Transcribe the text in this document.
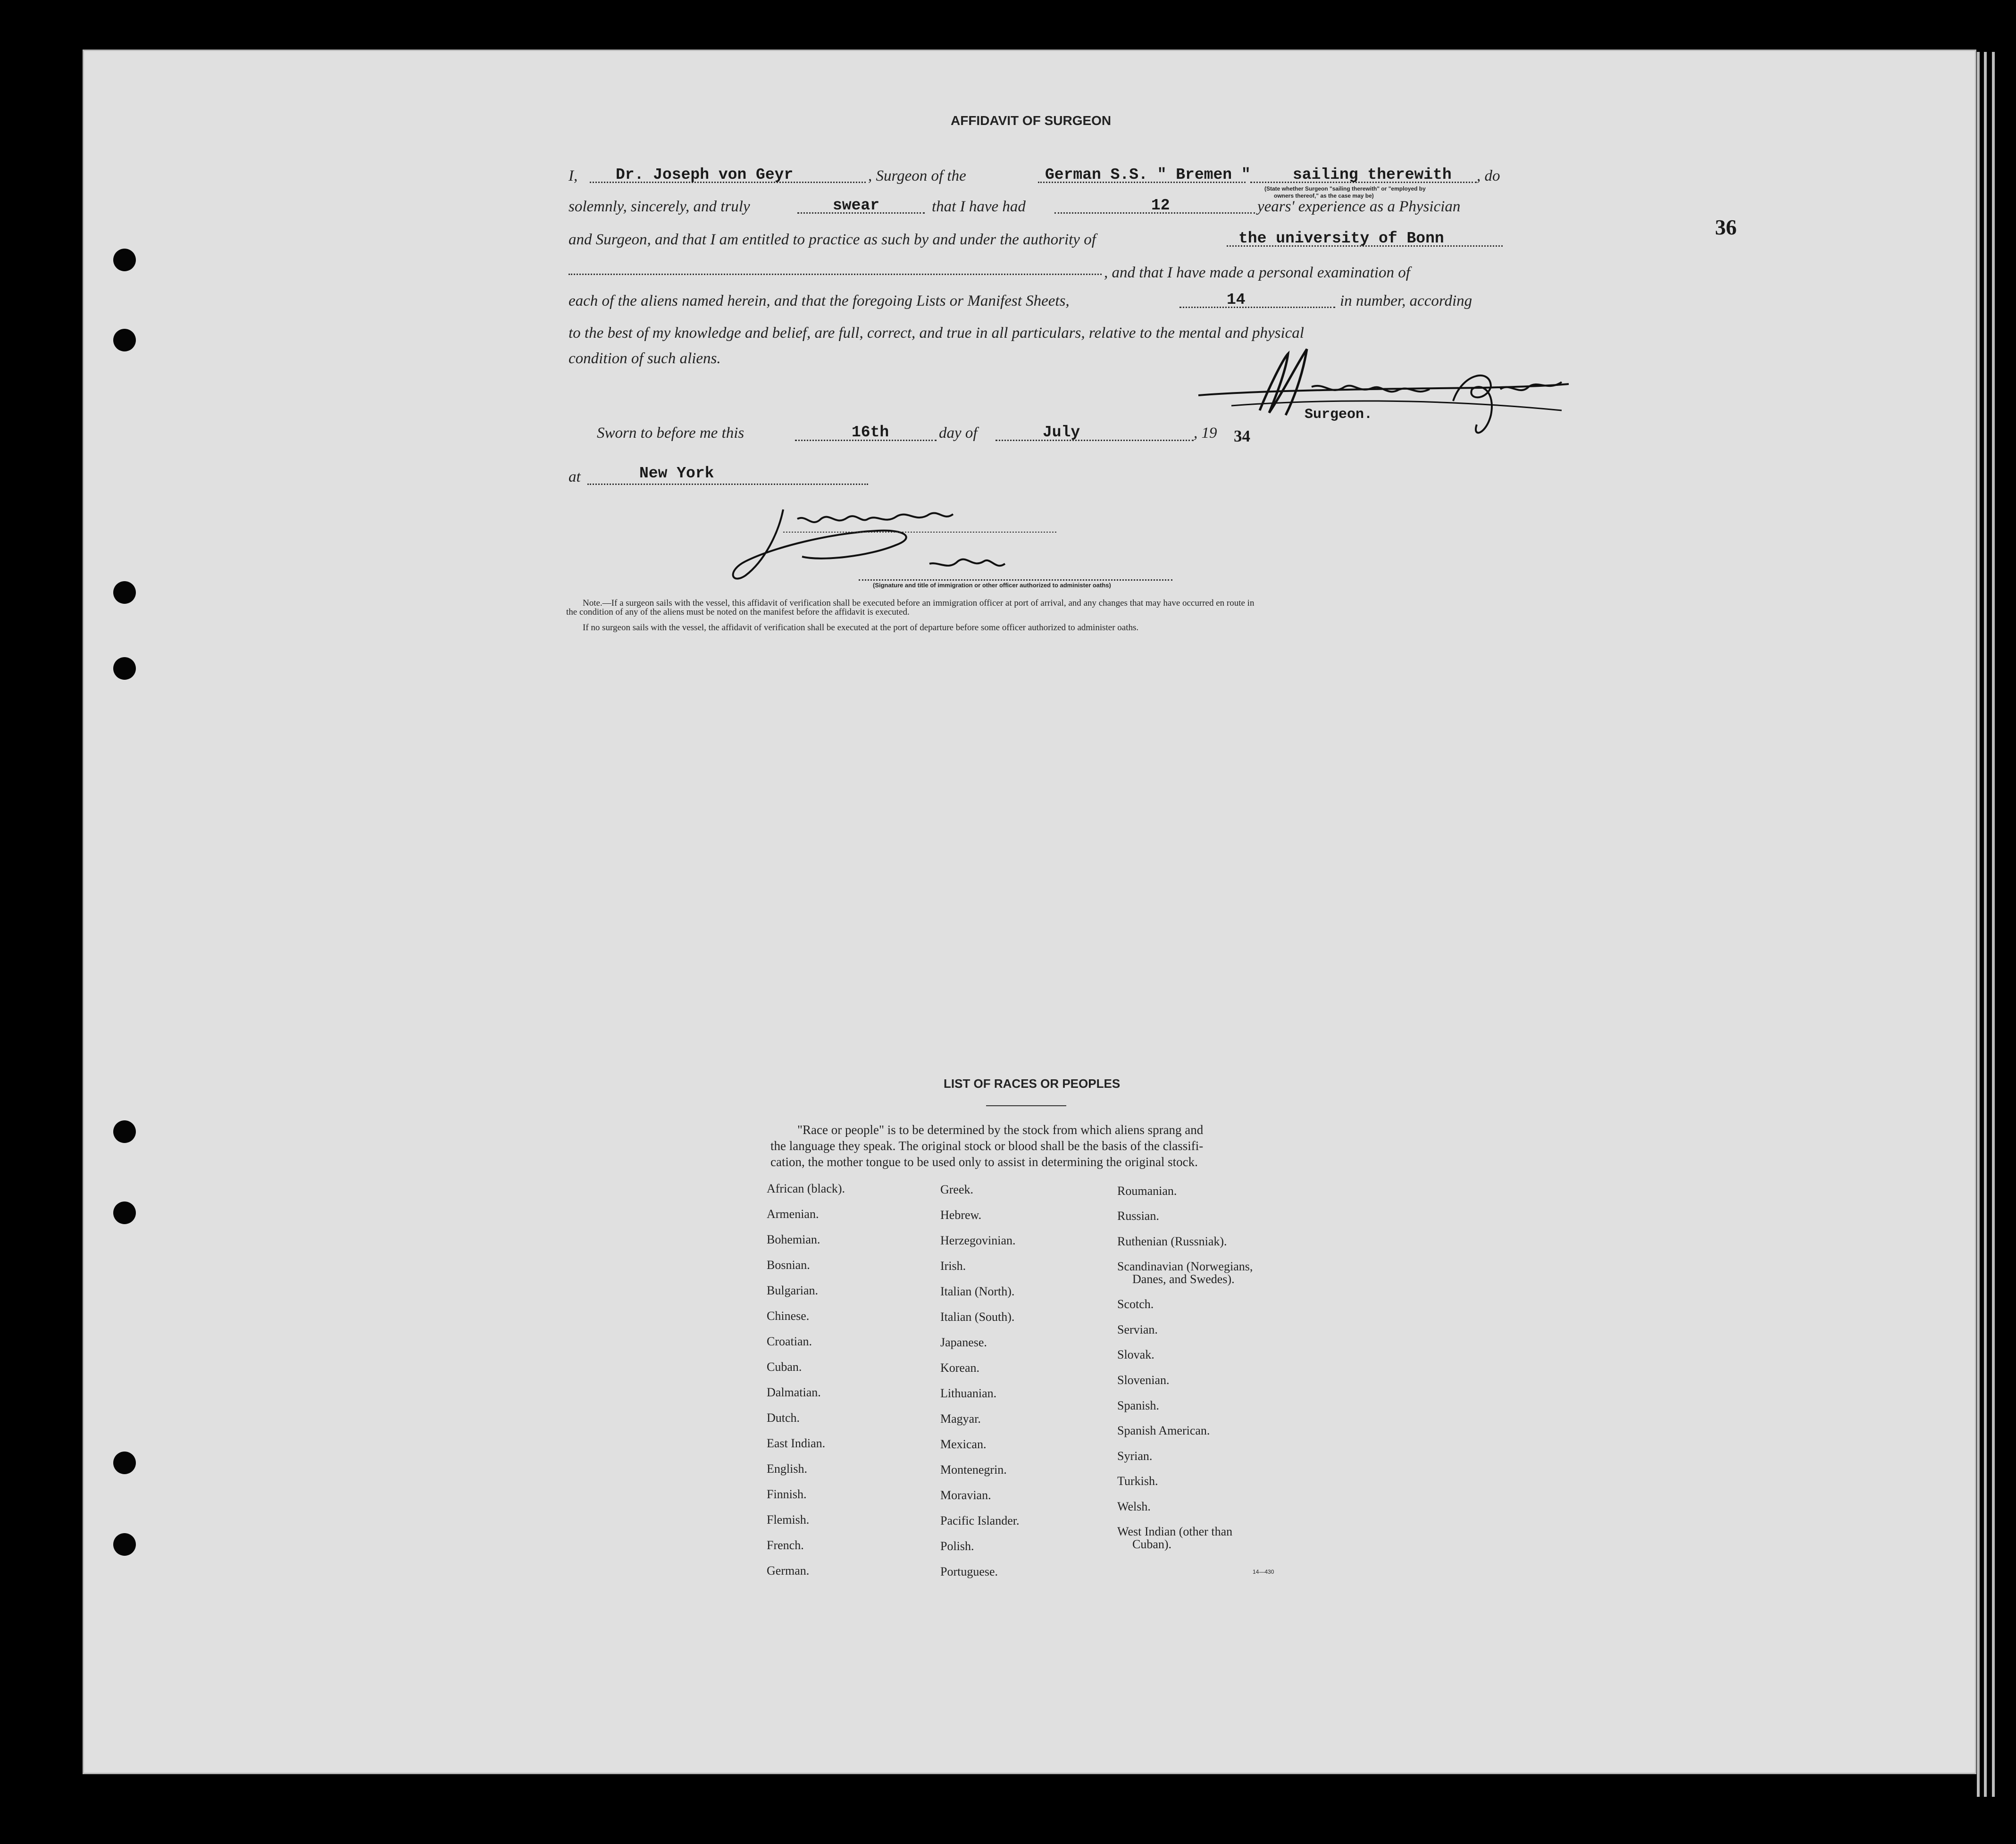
36
AFFIDAVIT OF SURGEON
I, Dr. Joseph von Geyr	, Surgeon of the	German S.S. " Bremen "	sailing therewith , do
(State whether Surgeon "sailing therewith" or "employed by
owners thereof," as the case may be)
solemnly, sincerely, and truly	swear	that I have had	12	years' experience as a Physician
and Surgeon, and that I am entitled to practice as such by and under the authority of	the university of Bonn
, and that I have made a personal examination of
each of the aliens named herein, and that the foregoing Lists or Manifest Sheets,	14	in number, according
to the best of my knowledge and belief, are full, correct, and true in all particulars, relative to the mental and physical
condition of such aliens.
Surgeon.
Sworn to before me this	16th	day of	July	, 19 34
at	New York
(Signature and title of immigration or other officer authorized to administer oaths)
Note.—If a surgeon sails with the vessel, this affidavit of verification shall be executed before an immigration officer at port of arrival, and any changes that may have occurred en route in
the condition of any of the aliens must be noted on the manifest before the affidavit is executed.
If no surgeon sails with the vessel, the affidavit of verification shall be executed at the port of departure before some officer authorized to administer oaths.
LIST OF RACES OR PEOPLES
"Race or people" is to be determined by the stock from which aliens sprang and
the language they speak. The original stock or blood shall be the basis of the classifi-
cation, the mother tongue to be used only to assist in determining the original stock.
African (black).
Armenian.
Bohemian.
Bosnian.
Bulgarian.
Chinese.
Croatian.
Cuban.
Dalmatian.
Dutch.
East Indian.
English.
Finnish.
Flemish.
French.
German.
Greek.
Hebrew.
Herzegovinian.
Irish.
Italian (North).
Italian (South).
Japanese.
Korean.
Lithuanian.
Magyar.
Mexican.
Montenegrin.
Moravian.
Pacific Islander.
Polish.
Portuguese.
Roumanian.
Russian.
Ruthenian (Russniak).
Scandinavian (Norwegians,
Danes, and Swedes).
Scotch.
Servian.
Slovak.
Slovenian.
Spanish.
Spanish American.
Syrian.
Turkish.
Welsh.
West Indian (other than
Cuban).
14—430
